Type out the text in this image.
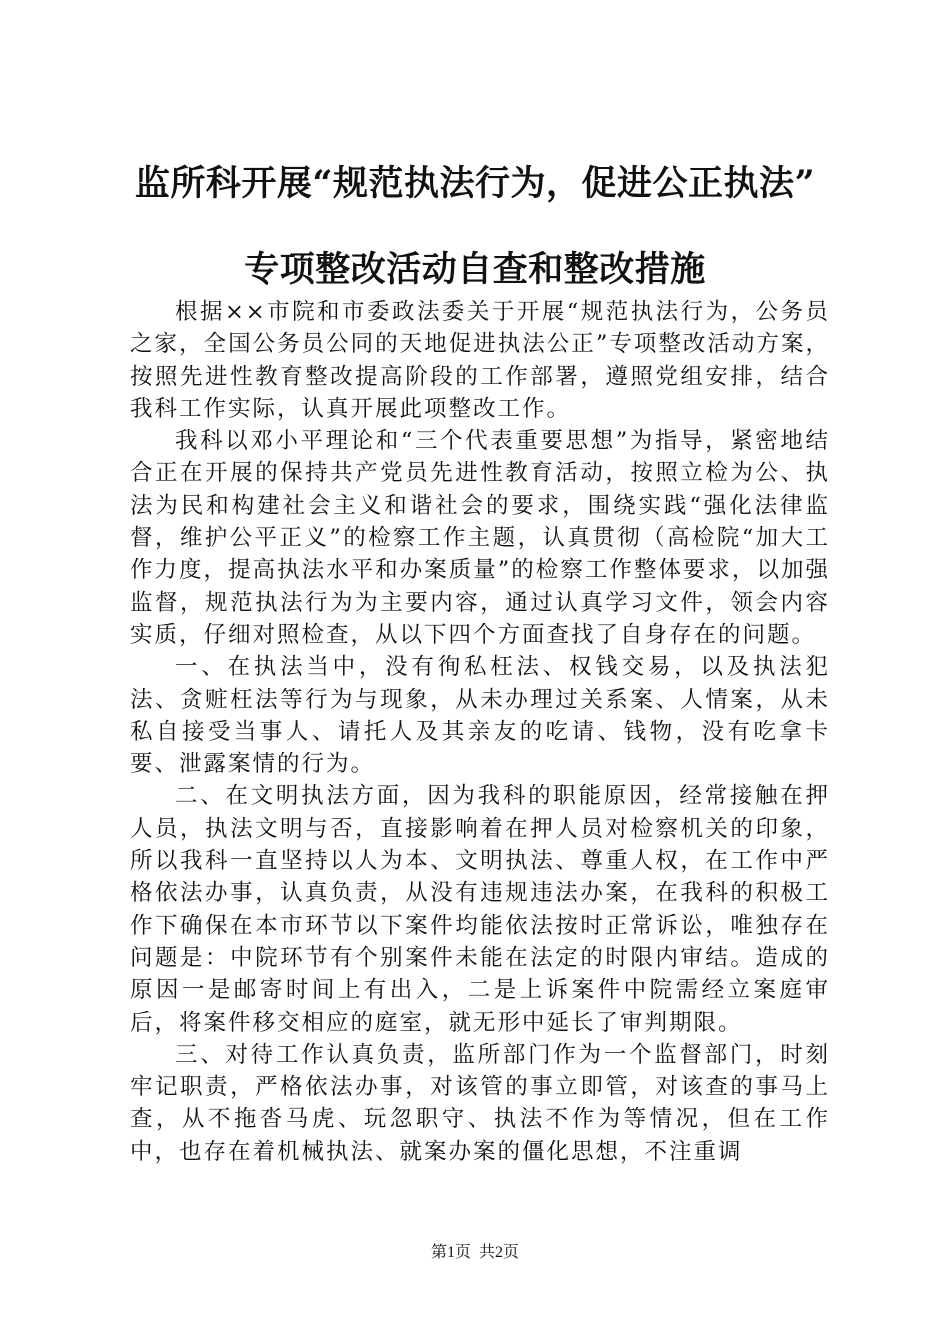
监所科开展“规范执法行为，促进公正执法”
专项整改活动自查和整改措施

根据××市院和市委政法委关于开展“规范执法行为，公务员之家，全国公务员公同的天地促进执法公正”专项整改活动方案，按照先进性教育整改提高阶段的工作部署，遵照党组安排，结合我科工作实际，认真开展此项整改工作。

我科以邓小平理论和“三个代表重要思想”为指导，紧密地结合正在开展的保持共产党员先进性教育活动，按照立检为公、执法为民和构建社会主义和谐社会的要求，围绕实践“强化法律监督，维护公平正义”的检察工作主题，认真贯彻（高检院“加大工作力度，提高执法水平和办案质量”的检察工作整体要求，以加强监督，规范执法行为为主要内容，通过认真学习文件，领会内容实质，仔细对照检查，从以下四个方面查找了自身存在的问题。

一、在执法当中，没有徇私枉法、权钱交易，以及执法犯法、贪赃枉法等行为与现象，从未办理过关系案、人情案，从未私自接受当事人、请托人及其亲友的吃请、钱物，没有吃拿卡要、泄露案情的行为。

二、在文明执法方面，因为我科的职能原因，经常接触在押人员，执法文明与否，直接影响着在押人员对检察机关的印象，所以我科一直坚持以人为本、文明执法、尊重人权，在工作中严格依法办事，认真负责，从没有违规违法办案，在我科的积极工作下确保在本市环节以下案件均能依法按时正常诉讼，唯独存在问题是：中院环节有个别案件未能在法定的时限内审结。造成的原因一是邮寄时间上有出入，二是上诉案件中院需经立案庭审后，将案件移交相应的庭室，就无形中延长了审判期限。

三、对待工作认真负责，监所部门作为一个监督部门，时刻牢记职责，严格依法办事，对该管的事立即管，对该查的事马上查，从不拖沓马虎、玩忽职守、执法不作为等情况，但在工作中，也存在着机械执法、就案办案的僵化思想，不注重调

第1页  共2页
